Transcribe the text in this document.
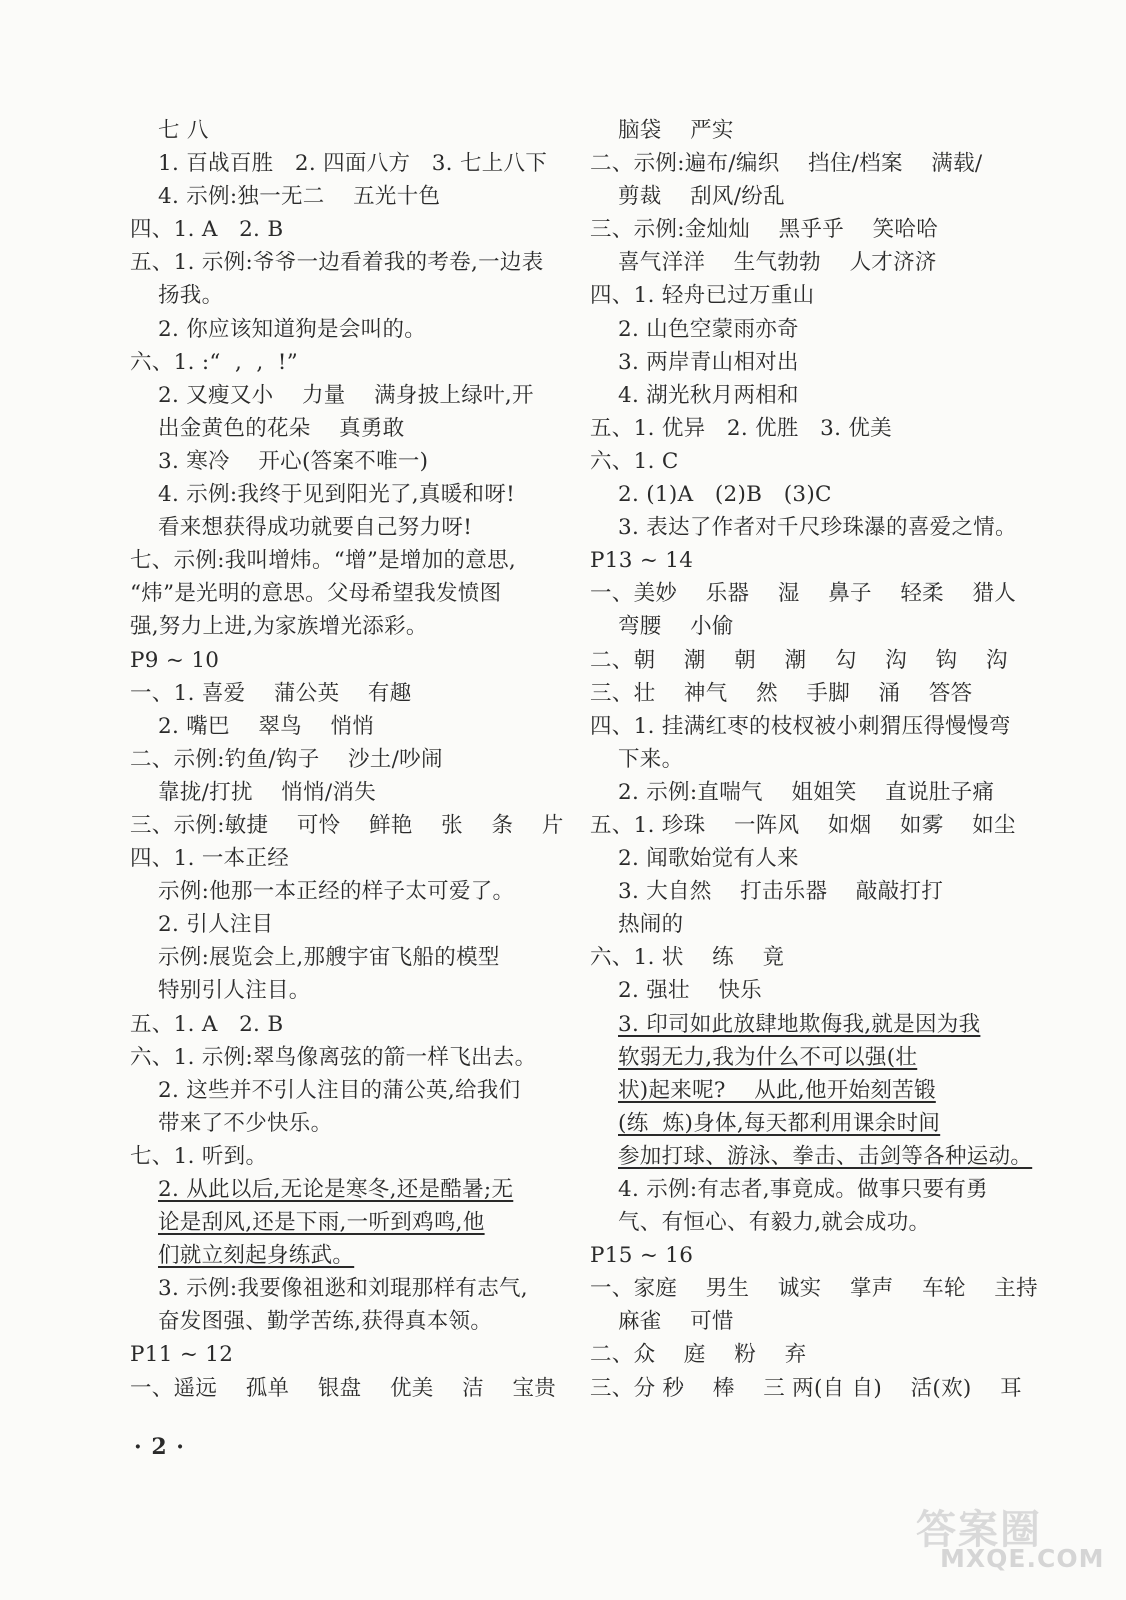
七 八
1. 百战百胜   2. 四面八方   3. 七上八下
4. 示例:独一无二    五光十色
四、1. A   2. B
五、1. 示例:爷爷一边看着我的考卷,一边表
扬我。
2. 你应该知道狗是会叫的。
六、1. :“  ,  ,  !”
2. 又瘦又小    力量    满身披上绿叶,开
出金黄色的花朵    真勇敢
3. 寒冷    开心(答案不唯一)
4. 示例:我终于见到阳光了,真暖和呀!
看来想获得成功就要自己努力呀!
七、示例:我叫增炜。“增”是增加的意思,
“炜”是光明的意思。父母希望我发愤图
强,努力上进,为家族增光添彩。
P9 ~ 10
一、1. 喜爱    蒲公英    有趣
2. 嘴巴    翠鸟    悄悄
二、示例:钓鱼/钩子    沙土/吵闹
靠拢/打扰    悄悄/消失
三、示例:敏捷    可怜    鲜艳    张    条    片
四、1. 一本正经
示例:他那一本正经的样子太可爱了。
2. 引人注目
示例:展览会上,那艘宇宙飞船的模型
特别引人注目。
五、1. A   2. B
六、1. 示例:翠鸟像离弦的箭一样飞出去。
2. 这些并不引人注目的蒲公英,给我们
带来了不少快乐。
七、1. 听到。
2. 从此以后,无论是寒冬,还是酷暑;无
论是刮风,还是下雨,一听到鸡鸣,他
们就立刻起身练武。
3. 示例:我要像祖逖和刘琨那样有志气,
奋发图强、勤学苦练,获得真本领。
P11 ~ 12
一、遥远    孤单    银盘    优美    洁    宝贵
脑袋    严实
二、示例:遍布/编织    挡住/档案    满载/
剪裁    刮风/纷乱
三、示例:金灿灿    黑乎乎    笑哈哈
喜气洋洋    生气勃勃    人才济济
四、1. 轻舟已过万重山
2. 山色空蒙雨亦奇
3. 两岸青山相对出
4. 湖光秋月两相和
五、1. 优异   2. 优胜   3. 优美
六、1. C
2. (1)A   (2)B   (3)C
3. 表达了作者对千尺珍珠瀑的喜爱之情。
P13 ~ 14
一、美妙    乐器    湿    鼻子    轻柔    猎人
弯腰    小偷
二、朝    潮    朝    潮    勾    沟    钩    沟
三、壮    神气    然    手脚    涌    答答
四、1. 挂满红枣的枝杈被小刺猬压得慢慢弯
下来。
2. 示例:直喘气    姐姐笑    直说肚子痛
五、1. 珍珠    一阵风    如烟    如雾    如尘
2. 闻歌始觉有人来
3. 大自然    打击乐器    敲敲打打
热闹的
六、1. 状    练    竟
2. 强壮    快乐
3. 印司如此放肆地欺侮我,就是因为我
软弱无力,我为什么不可以强(壮
状)起来呢?    从此,他开始刻苦锻
(练  炼)身体,每天都利用课余时间
参加打球、游泳、拳击、击剑等各种运动。
4. 示例:有志者,事竟成。做事只要有勇
气、有恒心、有毅力,就会成功。
P15 ~ 16
一、家庭    男生    诚实    掌声    车轮    主持
麻雀    可惜
二、众    庭    粉    弃
三、分 秒    棒    三 两(自 自)    活(欢)    耳
· 2 ·
答案圈
MXQE.COM
